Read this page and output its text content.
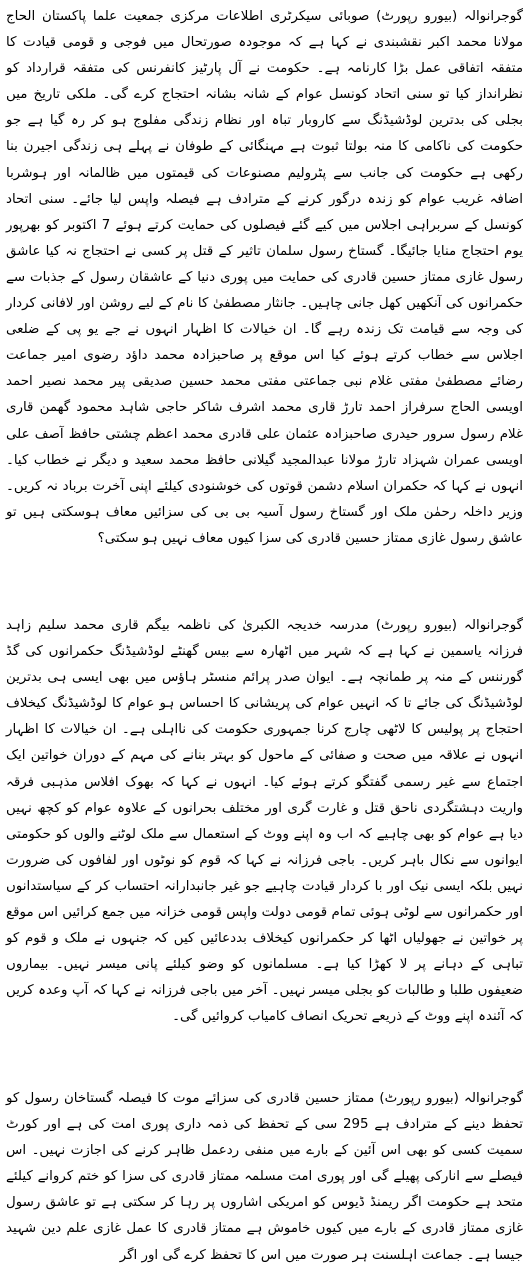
گوجرانوالہ (بیورو رپورٹ) صوبائی سیکرٹری اطلاعات مرکزی جمعیت علما پاکستان الحاج مولانا محمد اکبر نقشبندی نے کہا ہے کہ موجودہ صورتحال میں فوجی و قومی قیادت کا متفقہ اتفاقی عمل بڑا کارنامہ ہے۔ حکومت نے آل پارٹیز کانفرنس کی متفقہ قرارداد کو نظرانداز کیا تو سنی اتحاد کونسل عوام کے شانہ بشانہ احتجاج کرے گی۔ ملکی تاریخ میں بجلی کی بدترین لوڈشیڈنگ سے کاروبار تباہ اور نظام زندگی مفلوج ہو کر رہ گیا ہے جو حکومت کی ناکامی کا منہ بولتا ثبوت ہے مہنگائی کے طوفان نے پہلے ہی زندگی اجیرن بنا رکھی ہے حکومت کی جانب سے پٹرولیم مصنوعات کی قیمتوں میں ظالمانہ اور ہوشربا اضافہ غریب عوام کو زندہ درگور کرنے کے مترادف ہے فیصلہ واپس لیا جائے۔ سنی اتحاد کونسل کے سربراہی اجلاس میں کیے گئے فیصلوں کی حمایت کرتے ہوئے 7 اکتوبر کو بھرپور یوم احتجاج منایا جائیگا۔ گستاخ رسول سلمان تاثیر کے قتل پر کسی نے احتجاج نہ کیا عاشق رسول غازی ممتاز حسین قادری کی حمایت میں پوری دنیا کے عاشقان رسول کے جذبات سے حکمرانوں کی آنکھیں کھل جانی چاہیں۔ جانثار مصطفیٰ کا نام کے لیے روشن اور لافانی کردار کی وجہ سے قیامت تک زندہ رہے گا۔ ان خیالات کا اظہار انہوں نے جے یو پی کے ضلعی اجلاس سے خطاب کرتے ہوئے کیا اس موقع پر صاحبزادہ محمد داؤد رضوی امیر جماعت رضائے مصطفیٰ مفتی غلام نبی جماعتی مفتی محمد حسین صدیقی پیر محمد نصیر احمد اویسی الحاج سرفراز احمد تارڑ قاری محمد اشرف شاکر حاجی شاہد محمود گھمن قاری غلام رسول سرور حیدری صاحبزادہ عثمان علی قادری محمد اعظم چشتی حافظ آصف علی اویسی عمران شہزاد تارڑ مولانا عبدالمجید گیلانی حافظ محمد سعید و دیگر نے خطاب کیا۔ انہوں نے کہا کہ حکمران اسلام دشمن قوتوں کی خوشنودی کیلئے اپنی آخرت برباد نہ کریں۔ وزیر داخلہ رحمٰن ملک اور گستاخ رسول آسیہ بی بی کی سزائیں معاف ہوسکتی ہیں تو عاشق رسول غازی ممتاز حسین قادری کی سزا کیوں معاف نہیں ہو سکتی؟

گوجرانوالہ (بیورو رپورٹ) مدرسہ خدیجہ الکبریٰ کی ناظمہ بیگم قاری محمد سلیم زاہد فرزانہ یاسمین نے کہا ہے کہ شہر میں اٹھارہ سے بیس گھنٹے لوڈشیڈنگ حکمرانوں کی گڈ گورننس کے منہ پر طمانچہ ہے۔ ایوان صدر پرائم منسٹر ہاؤس میں بھی ایسی ہی بدترین لوڈشیڈنگ کی جائے تا کہ انہیں عوام کی پریشانی کا احساس ہو عوام کا لوڈشیڈنگ کیخلاف احتجاج پر پولیس کا لاٹھی چارج کرنا جمہوری حکومت کی نااہلی ہے۔ ان خیالات کا اظہار انہوں نے علاقہ میں صحت و صفائی کے ماحول کو بہتر بنانے کی مہم کے دوران خواتین ایک اجتماع سے غیر رسمی گفتگو کرتے ہوئے کیا۔ انہوں نے کہا کہ بھوک افلاس مذہبی فرقہ واریت دہشتگردی ناحق قتل و غارت گری اور مختلف بحرانوں کے علاوہ عوام کو کچھ نہیں دیا ہے عوام کو بھی چاہیے کہ اب وہ اپنے ووٹ کے استعمال سے ملک لوٹنے والوں کو حکومتی ایوانوں سے نکال باہر کریں۔ باجی فرزانہ نے کہا کہ قوم کو نوٹوں اور لفافوں کی ضرورت نہیں بلکہ ایسی نیک اور با کردار قیادت چاہیے جو غیر جانبدارانہ احتساب کر کے سیاستدانوں اور حکمرانوں سے لوٹی ہوئی تمام قومی دولت واپس قومی خزانہ میں جمع کرائیں اس موقع پر خواتین نے جھولیاں اٹھا کر حکمرانوں کیخلاف بددعائیں کیں کہ جنہوں نے ملک و قوم کو تباہی کے دہانے پر لا کھڑا کیا ہے۔ مسلمانوں کو وضو کیلئے پانی میسر نہیں۔ بیماروں ضعیفوں طلبا و طالبات کو بجلی میسر نہیں۔ آخر میں باجی فرزانہ نے کہا کہ آپ وعدہ کریں کہ آئندہ اپنے ووٹ کے ذریعے تحریک انصاف کامیاب کروائیں گی۔

گوجرانوالہ (بیورو رپورٹ) ممتاز حسین قادری کی سزائے موت کا فیصلہ گستاخان رسول کو تحفظ دینے کے مترادف ہے 295 سی کے تحفظ کی ذمہ داری پوری امت کی ہے اور کورٹ سمیت کسی کو بھی اس آئین کے بارے میں منفی ردعمل ظاہر کرنے کی اجازت نہیں۔ اس فیصلے سے انارکی پھیلے گی اور پوری امت مسلمہ ممتاز قادری کی سزا کو ختم کروانے کیلئے متحد ہے حکومت اگر ریمنڈ ڈیوس کو امریکی اشاروں پر رہا کر سکتی ہے تو عاشق رسول غازی ممتاز قادری کے بارے میں کیوں خاموش ہے ممتاز قادری کا عمل غازی علم دین شہید جیسا ہے۔ جماعت اہلسنت ہر صورت میں اس کا تحفظ کرے گی اور اگر
